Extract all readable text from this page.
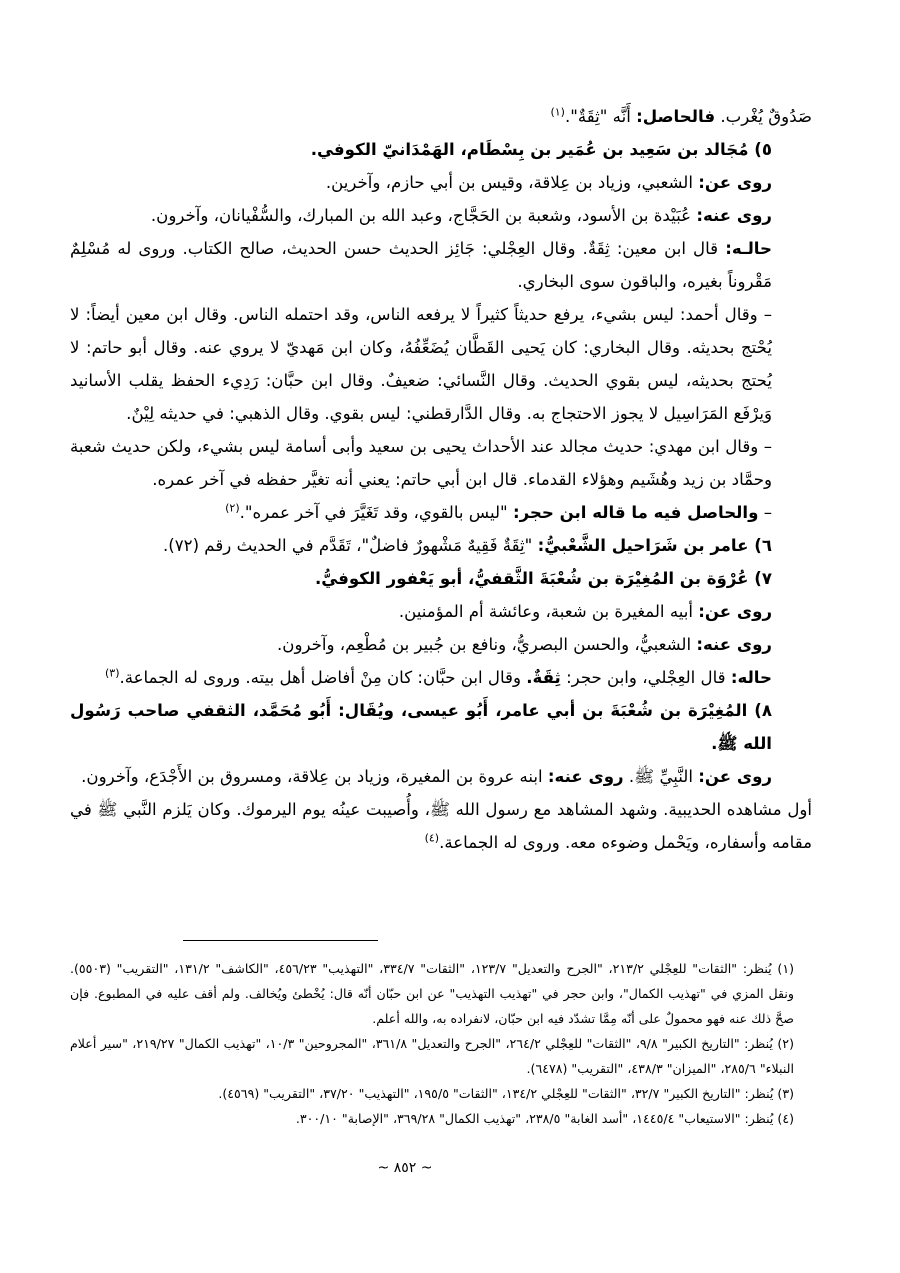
صَدُوقٌ يُغْرب. فالحاصل: أَنَّه "ثِقَةٌ".$^{(١)}$

٥) مُجَالد بن سَعِيد بن عُمَير بن بِسْطَام، الهَمْدَانيّ الكوفي.

روى عن: الشعبي، وزياد بن عِلاقة، وقيس بن أبي حازم، وآخرين.

روى عنه: عُبَيْدة بن الأسود، وشعبة بن الحَجَّاج، وعبد الله بن المبارك، والسُّفْيانان، وآخرون.

حالـه: قال ابن معين: ثِقَةٌ. وقال العِجْلي: جَائِز الحديث حسن الحديث، صالح الكتاب. وروى له مُسْلِمٌ مَقْروناً بغيره، والباقون سوى البخاري.

– وقال أحمد: ليس بشيء، يرفع حديثاً كثيراً لا يرفعه الناس، وقد احتمله الناس. وقال ابن معين أيضاً: لا يُحْتج بحديثه. وقال البخاري: كان يَحيى القَطَّان يُضَعِّفُهُ، وكان ابن مَهديّ لا يروي عنه. وقال أبو حاتم: لا يُحتج بحديثه، ليس بقوي الحديث. وقال النَّسائي: ضعيفٌ. وقال ابن حبَّان: رَدِيء الحفظ يقلب الأسانيد وَيرْفَع المَرَاسِيل لا يجوز الاحتجاج به. وقال الدَّارقطني: ليس بقوي. وقال الذهبي: في حديثه لِيْنٌ.

– وقال ابن مهدي: حديث مجالد عند الأحداث يحيى بن سعيد وأبى أسامة ليس بشيء، ولكن حديث شعبة وحمَّاد بن زيد وهُشَيم وهؤلاء القدماء. قال ابن أبي حاتم: يعني أنه تغيَّر حفظه في آخر عمره.

– والحاصل فيه ما قاله ابن حجر: "ليس بالقوي، وقد تَغَيَّرَ في آخر عمره".$^{(٢)}$

٦) عامر بن شَرَاحيل الشَّعْبيُّ: "ثِقَةٌ فَقِيهٌ مَشْهورٌ فاضلٌ"، تَقَدَّم في الحديث رقم (٧٢).

٧) عُرْوَة بن المُغِيْرَة بن شُعْبَةَ الثَّقفيُّ، أبو يَعْفور الكوفيُّ.

روى عن: أبيه المغيرة بن شعبة، وعائشة أم المؤمنين.

روى عنه: الشعبيُّ، والحسن البصريُّ، ونافع بن جُبير بن مُطْعِم، وآخرون.

حاله: قال العِجْلي، وابن حجر: ثِقَةٌ. وقال ابن حبَّان: كان مِنْ أفاضل أهل بيته. وروى له الجماعة.$^{(٣)}$

٨) المُغِيْرَة بن شُعْبَةَ بن أبي عامر، أَبُو عيسى، ويُقَال: أَبُو مُحَمَّد، الثقفي صاحب رَسُول الله ﷺ.

روى عن: النَّبِيِّ ﷺ. روى عنه: ابنه عروة بن المغيرة، وزياد بن عِلاقة، ومسروق بن الأَجْدَع، وآخرون.

أول مشاهده الحديبية. وشهد المشاهد مع رسول الله ﷺ، وأُصيبت عينُه يوم اليرموك. وكان يَلزم النَّبي ﷺ في مقامه وأسفاره، ويَحْمل وضوءه معه. وروى له الجماعة.$^{(٤)}$

(١) يُنظر: "الثقات" للعِجْلي ٢١٣/٢، "الجرح والتعديل" ١٢٣/٧، "الثقات" ٣٣٤/٧، "التهذيب" ٤٥٦/٢٣، "الكاشف" ١٣١/٢، "التقريب" (٥٥٠٣). ونقل المزي في "تهذيب الكمال"، وابن حجر في "تهذيب التهذيب" عن ابن حبّان أنّه قال: يُخْطئ ويُخالف. ولم أقف عليه في المطبوع. فإن صحَّ ذلك عنه فهو محمولٌ على أنّه مِمَّا تشدّد فيه ابن حبّان، لانفراده به، والله أعلم.

(٢) يُنظر: "التاريخ الكبير" ٩/٨، "الثقات" للعِجْلي ٢٦٤/٢، "الجرح والتعديل" ٣٦١/٨، "المجروحين" ١٠/٣، "تهذيب الكمال" ٢١٩/٢٧، "سير أعلام النبلاء" ٢٨٥/٦، "الميزان" ٤٣٨/٣، "التقريب" (٦٤٧٨).

(٣) يُنظر: "التاريخ الكبير" ٣٢/٧، "الثقات" للعِجْلي ١٣٤/٢، "الثقات" ١٩٥/٥، "التهذيب" ٣٧/٢٠، "التقريب" (٤٥٦٩).

(٤) يُنظر: "الاستيعاب" ١٤٤٥/٤، "أسد الغابة" ٢٣٨/٥، "تهذيب الكمال" ٣٦٩/٢٨، "الإصابة" ٣٠٠/١٠.

~ ٨٥٢ ~
